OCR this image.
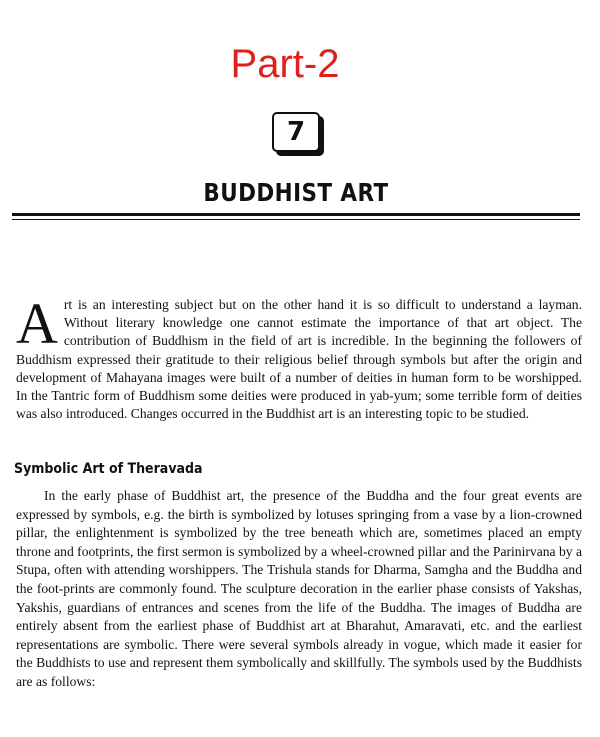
Part-2
7
BUDDHIST ART

Art is an interesting subject but on the other hand it is so difficult to understand a layman. Without literary knowledge one cannot estimate the importance of that art object. The contribution of Buddhism in the field of art is incredible. In the beginning the followers of Buddhism expressed their gratitude to their religious belief through symbols but after the origin and development of Mahayana images were built of a number of deities in human form to be worshipped. In the Tantric form of Buddhism some deities were produced in yab-yum; some terrible form of deities was also introduced. Changes occurred in the Buddhist art is an interesting topic to be studied.

Symbolic Art of Theravada

In the early phase of Buddhist art, the presence of the Buddha and the four great events are expressed by symbols, e.g. the birth is symbolized by lotuses springing from a vase by a lion-crowned pillar, the enlightenment is symbolized by the tree beneath which are, sometimes placed an empty throne and footprints, the first sermon is symbolized by a wheel-crowned pillar and the Parinirvana by a Stupa, often with attending worshippers. The Trishula stands for Dharma, Samgha and the Buddha and the foot-prints are commonly found. The sculpture decoration in the earlier phase consists of Yakshas, Yakshis, guardians of entrances and scenes from the life of the Buddha. The images of Buddha are entirely absent from the earliest phase of Buddhist art at Bharahut, Amaravati, etc. and the earliest representations are symbolic. There were several symbols already in vogue, which made it easier for the Buddhists to use and represent them symbolically and skillfully. The symbols used by the Buddhists are as follows:
